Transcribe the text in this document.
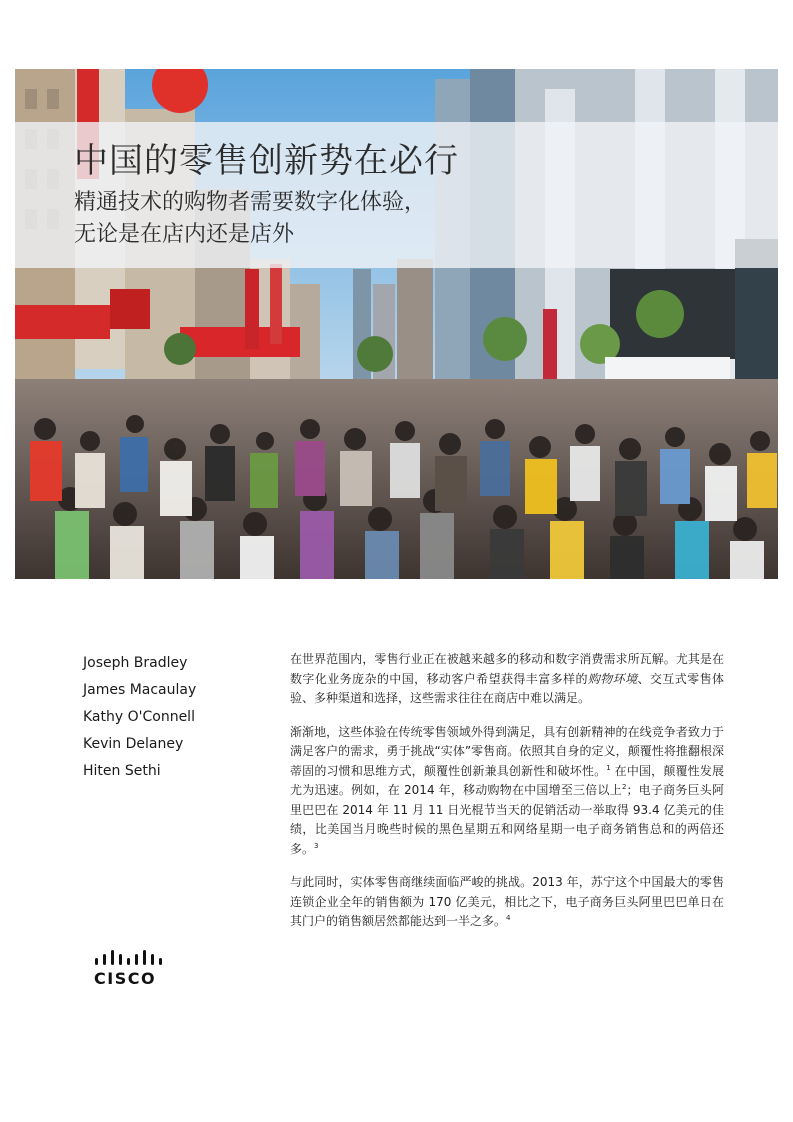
中国的零售创新势在必行
精通技术的购物者需要数字化体验，
无论是在店内还是店外
Joseph Bradley
James Macaulay
Kathy O'Connell
Kevin Delaney
Hiten Sethi

在世界范围内，零售行业正在被越来越多的移动和数字消费需求所瓦解。尤其是在数字化业务庞杂的中国，移动客户希望获得丰富多样的购物环境、交互式零售体验、多种渠道和选择，这些需求往往在商店中难以满足。

渐渐地，这些体验在传统零售领域外得到满足，具有创新精神的在线竞争者致力于满足客户的需求，勇于挑战“实体”零售商。依照其自身的定义，颠覆性将推翻根深蒂固的习惯和思维方式，颠覆性创新兼具创新性和破坏性。$^1$ 在中国，颠覆性发展尤为迅速。例如，在 2014 年，移动购物在中国增至三倍以上$^2$；电子商务巨头阿里巴巴在 2014 年 11 月 11 日光棍节当天的促销活动一举取得 93.4 亿美元的佳绩，比美国当月晚些时候的黑色星期五和网络星期一电子商务销售总和的两倍还多。$^3$

与此同时，实体零售商继续面临严峻的挑战。2013 年，苏宁这个中国最大的零售连锁企业全年的销售额为 170 亿美元，相比之下，电子商务巨头阿里巴巴单日在其门户的销售额居然都能达到一半之多。$^4$

CISCO
